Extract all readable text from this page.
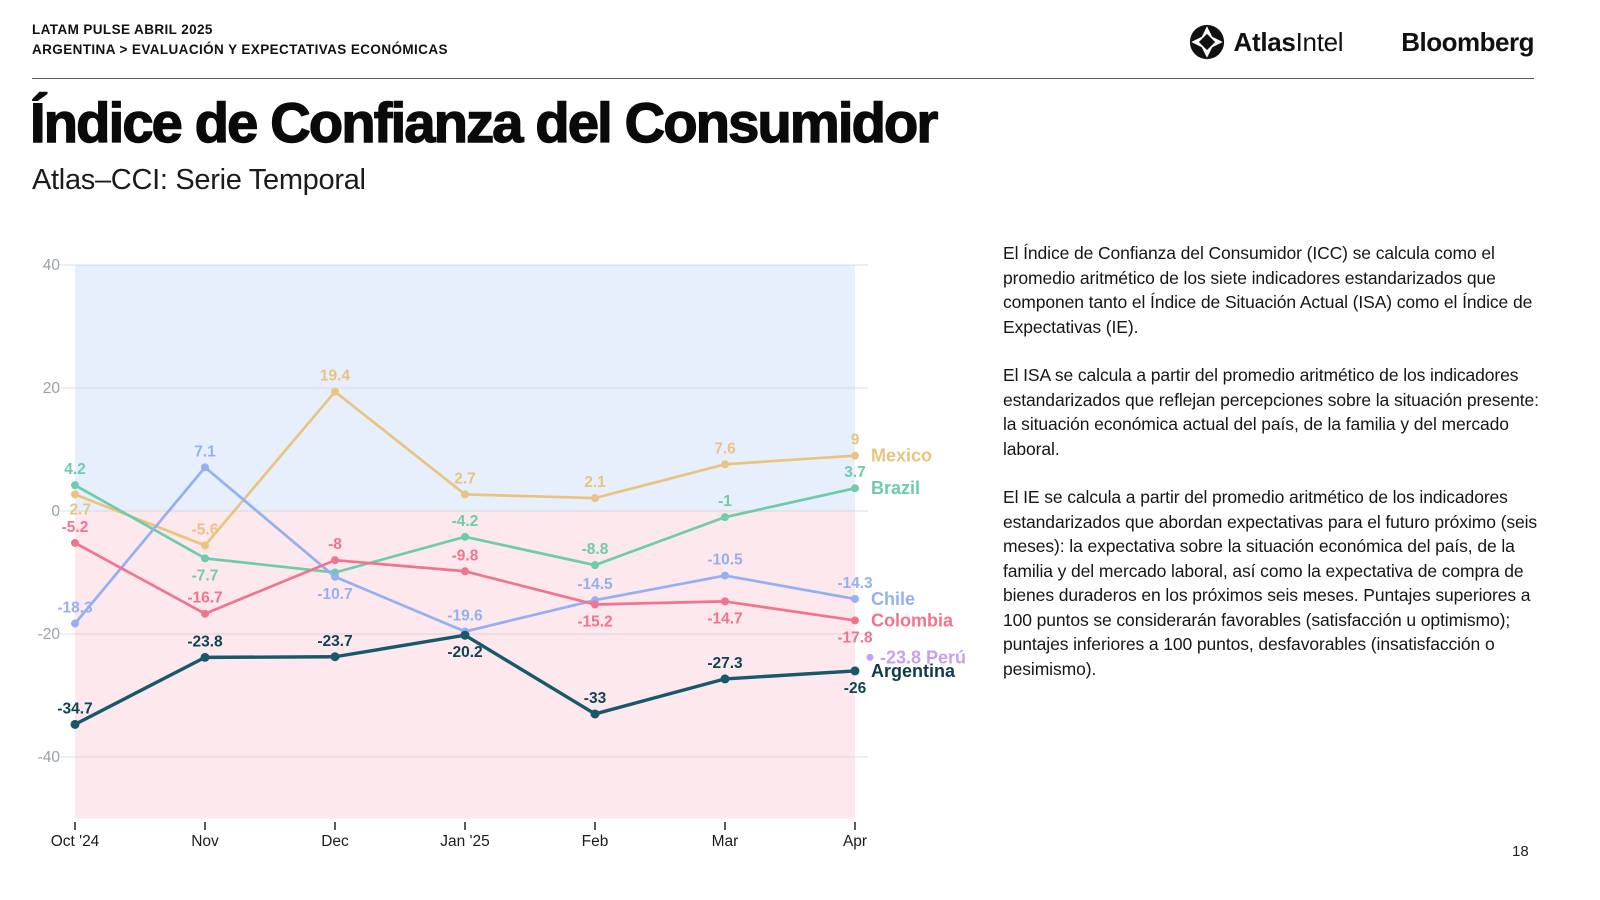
LATAM PULSE ABRIL 2025
ARGENTINA > EVALUACIÓN Y EXPECTATIVAS ECONÓMICAS	AtlasIntel Bloomberg
Índice de Confianza del Consumidor
Atlas–CCI: Serie Temporal
40
20
0
-20
-40
Oct '24	Nov	Dec	Jan '25	Feb	Mar	Apr
2.7
-5.6
19.4
2.7	2.1
7.6
9
4.2
-7.7
-4.2
-8.8
-1
3.7
-18.3
7.1
-10.7
-19.6
-14.5
-10.5
-14.3
-5.2
-16.7
-8
-9.8
-15.2	-14.7
-17.8
-34.7
-23.8	-23.7
-20.2
-33
-27.3
-26
Mexico
Brazil
Chile
Colombia
-23.8 Perú
Argentina

El Índice de Confianza del Consumidor (ICC) se calcula como el promedio aritmético de los siete indicadores estandarizados que componen tanto el Índice de Situación Actual (ISA) como el Índice de Expectativas (IE).

El ISA se calcula a partir del promedio aritmético de los indicadores estandarizados que reflejan percepciones sobre la situación presente: la situación económica actual del país, de la familia y del mercado laboral.

El IE se calcula a partir del promedio aritmético de los indicadores estandarizados que abordan expectativas para el futuro próximo (seis meses): la expectativa sobre la situación económica del país, de la familia y del mercado laboral, así como la expectativa de compra de bienes duraderos en los próximos seis meses. Puntajes superiores a 100 puntos se considerarán favorables (satisfacción u optimismo); puntajes inferiores a 100 puntos, desfavorables (insatisfacción o pesimismo).

18
